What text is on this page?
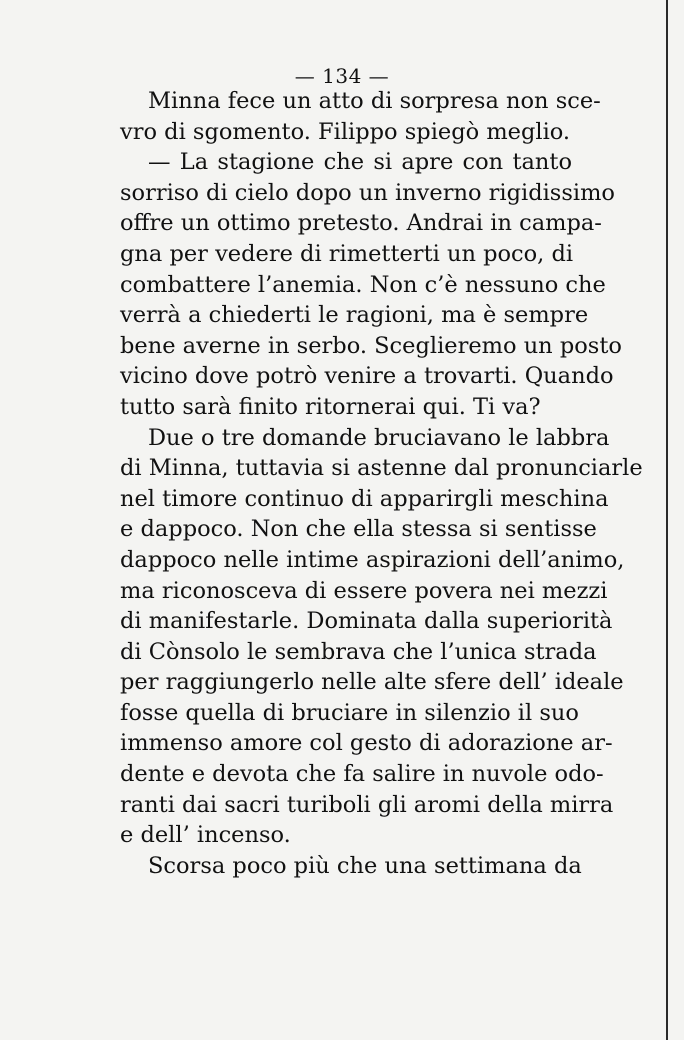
— 134 —
Minna fece un atto di sorpresa non sce-
vro di sgomento. Filippo spiegò meglio.
— La stagione che si apre con tanto
sorriso di cielo dopo un inverno rigidissimo
offre un ottimo pretesto. Andrai in campa-
gna per vedere di rimetterti un poco, di
combattere l’anemia. Non c’è nessuno che
verrà a chiederti le ragioni, ma è sempre
bene averne in serbo. Sceglieremo un posto
vicino dove potrò venire a trovarti. Quando
tutto sarà finito ritornerai qui. Ti va?
Due o tre domande bruciavano le labbra
di Minna, tuttavia si astenne dal pronunciarle
nel timore continuo di apparirgli meschina
e dappoco. Non che ella stessa si sentisse
dappoco nelle intime aspirazioni dell’animo,
ma riconosceva di essere povera nei mezzi
di manifestarle. Dominata dalla superiorità
di Cònsolo le sembrava che l’unica strada
per raggiungerlo nelle alte sfere dell’ ideale
fosse quella di bruciare in silenzio il suo
immenso amore col gesto di adorazione ar-
dente e devota che fa salire in nuvole odo-
ranti dai sacri turiboli gli aromi della mirra
e dell’ incenso.
Scorsa poco più che una settimana da
